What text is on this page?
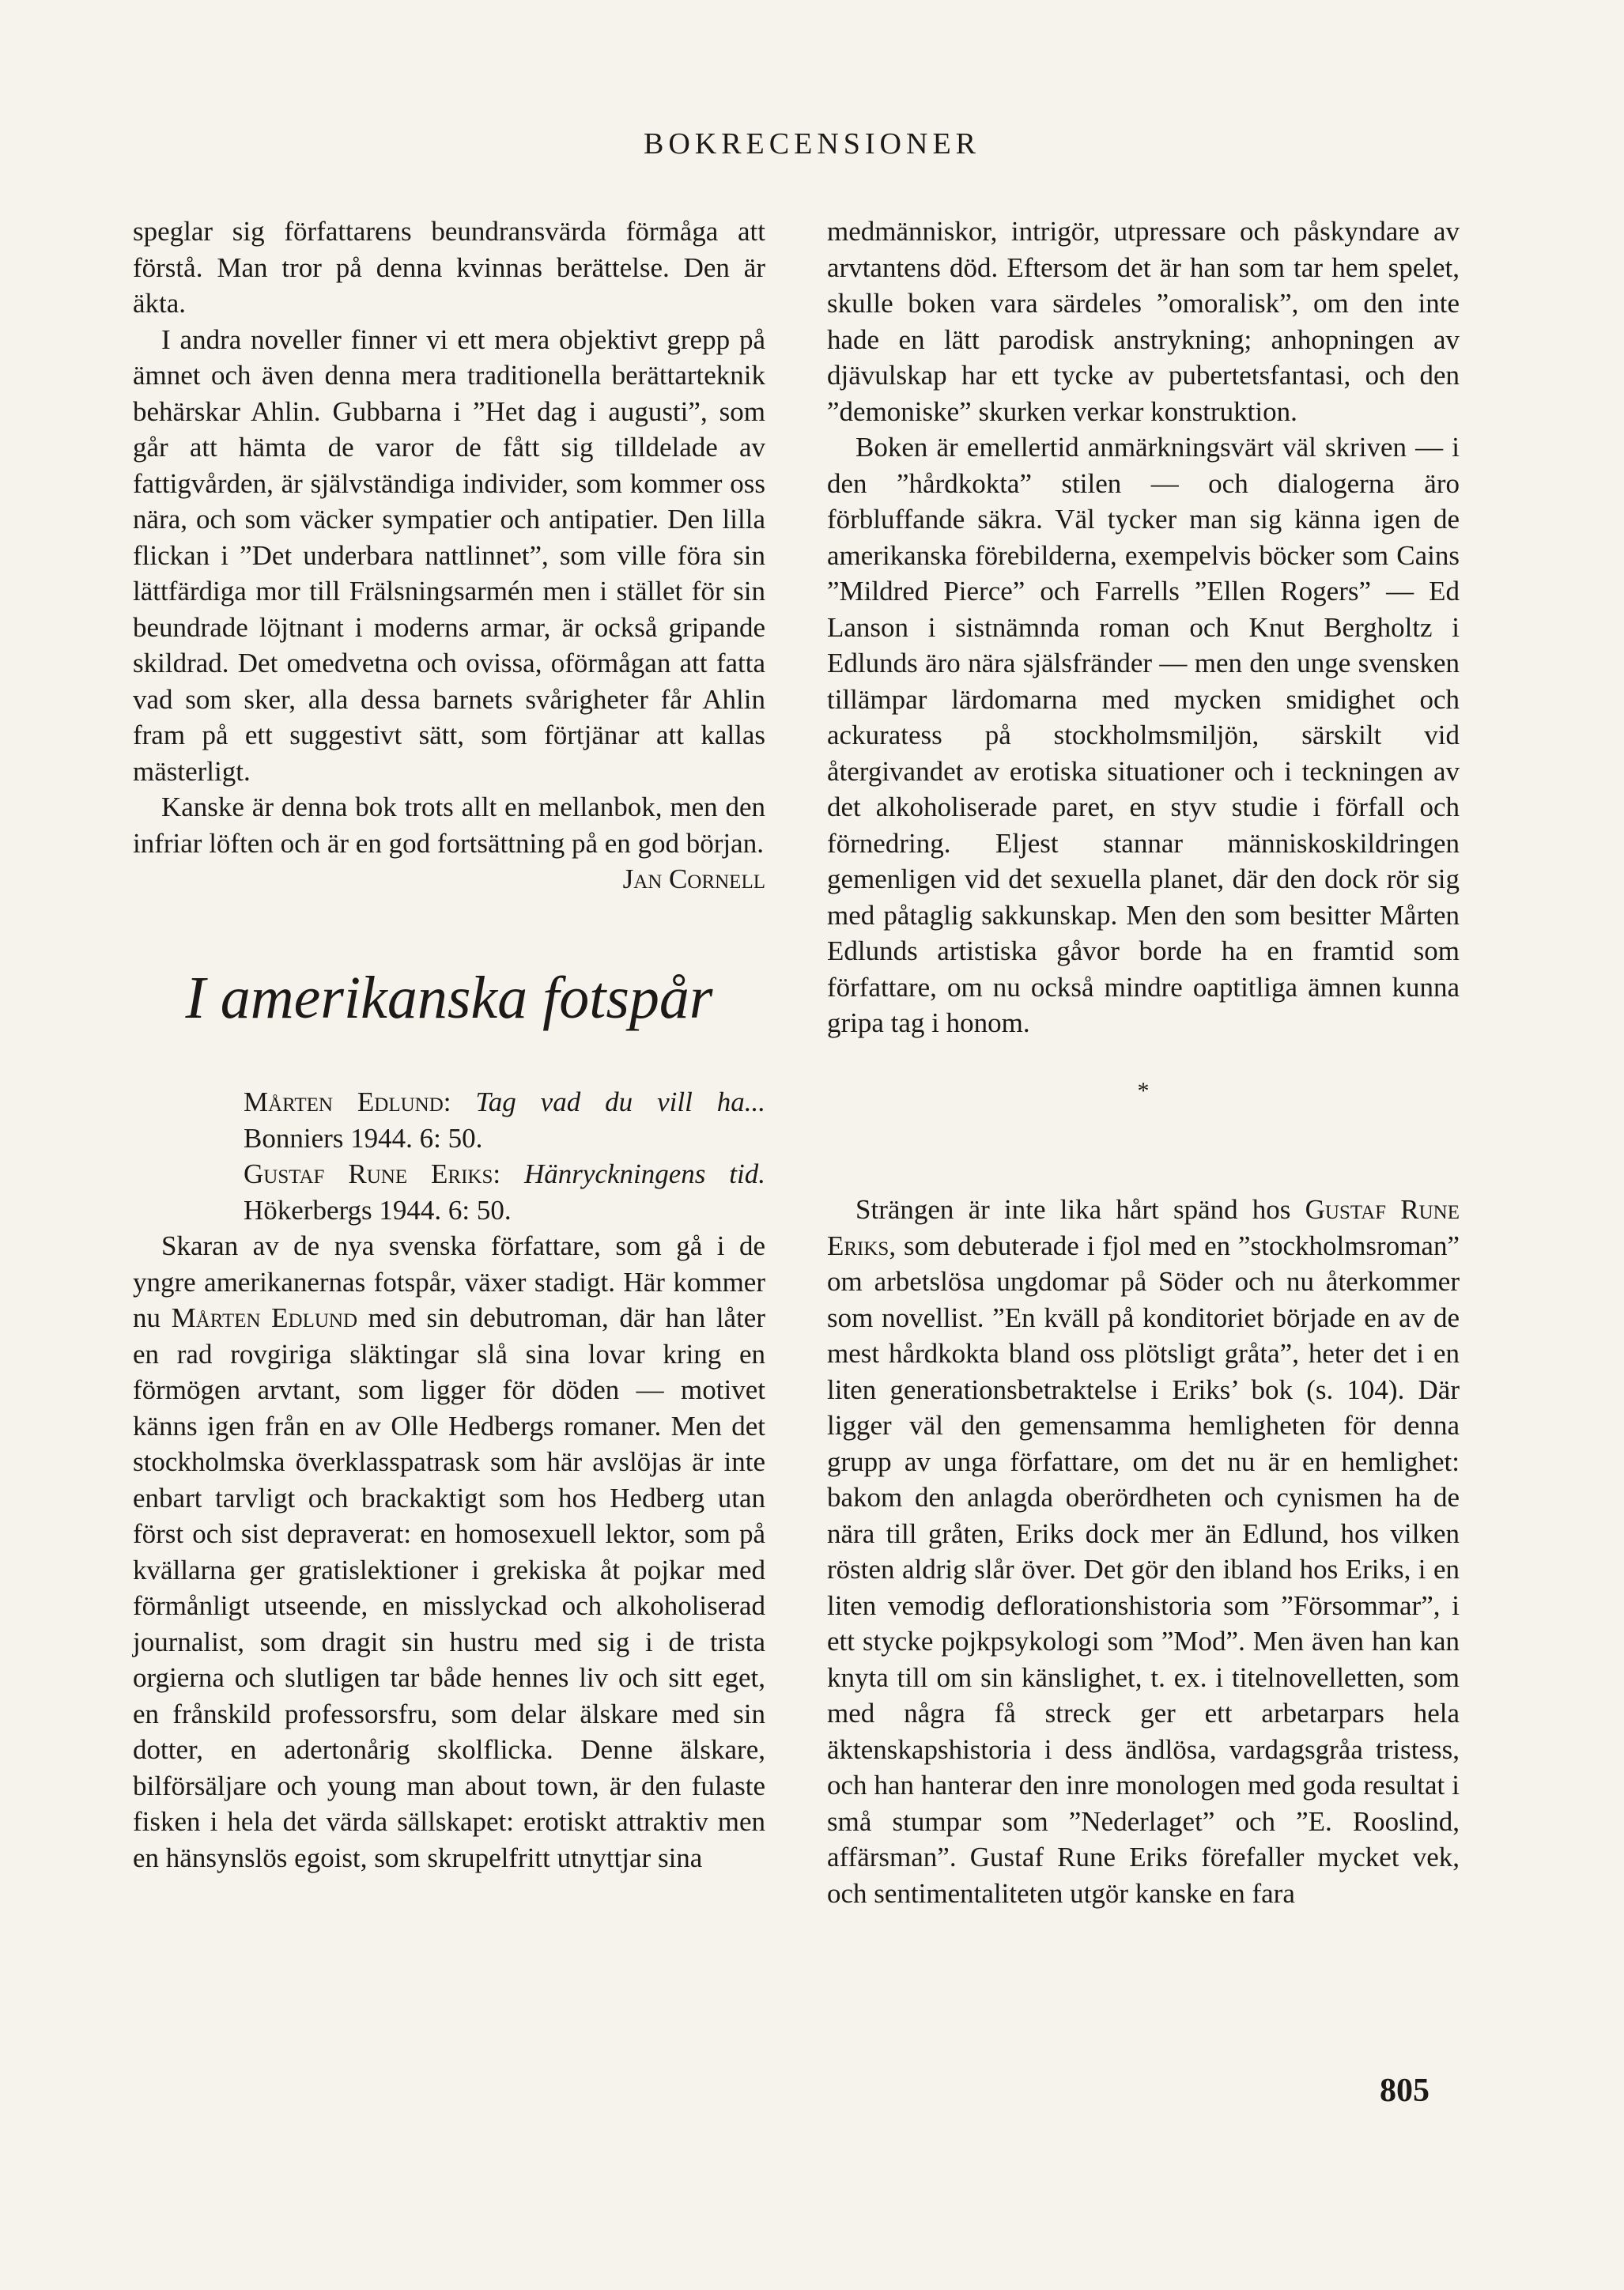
BOKRECENSIONER

speglar sig författarens beundransvärda förmåga att förstå. Man tror på denna kvinnas berättelse. Den är äkta.

I andra noveller finner vi ett mera objektivt grepp på ämnet och även denna mera traditionella berättarteknik behärskar Ahlin. Gubbarna i ”Het dag i augusti”, som går att hämta de varor de fått sig tilldelade av fattigvården, är självständiga individer, som kommer oss nära, och som väcker sympatier och antipatier. Den lilla flickan i ”Det underbara nattlinnet”, som ville föra sin lättfärdiga mor till Frälsningsarmén men i stället för sin beundrade löjtnant i moderns armar, är också gripande skildrad. Det omedvetna och ovissa, oförmågan att fatta vad som sker, alla dessa barnets svårigheter får Ahlin fram på ett suggestivt sätt, som förtjänar att kallas mästerligt.

Kanske är denna bok trots allt en mellanbok, men den infriar löften och är en god fortsättning på en god början.
Jan Cornell

I amerikanska fotspår

Mårten Edlund: Tag vad du vill ha... Bonniers 1944. 6: 50.

Gustaf Rune Eriks: Hänryckningens tid. Hökerbergs 1944. 6: 50.

Skaran av de nya svenska författare, som gå i de yngre amerikanernas fotspår, växer stadigt. Här kommer nu Mårten Edlund med sin debutroman, där han låter en rad rovgiriga släktingar slå sina lovar kring en förmögen arvtant, som ligger för döden — motivet känns igen från en av Olle Hedbergs romaner. Men det stockholmska överklasspatrask som här avslöjas är inte enbart tarvligt och brackaktigt som hos Hedberg utan först och sist depraverat: en homosexuell lektor, som på kvällarna ger gratislektioner i grekiska åt pojkar med förmånligt utseende, en misslyckad och alkoholiserad journalist, som dragit sin hustru med sig i de trista orgierna och slutligen tar både hennes liv och sitt eget, en frånskild professorsfru, som delar älskare med sin dotter, en adertonårig skolflicka. Denne älskare, bilförsäljare och young man about town, är den fulaste fisken i hela det värda sällskapet: erotiskt attraktiv men en hänsynslös egoist, som skrupelfritt utnyttjar sina

medmänniskor, intrigör, utpressare och påskyndare av arvtantens död. Eftersom det är han som tar hem spelet, skulle boken vara särdeles ”omoralisk”, om den inte hade en lätt parodisk anstrykning; anhopningen av djävulskap har ett tycke av pubertetsfantasi, och den ”demoniske” skurken verkar konstruktion.

Boken är emellertid anmärkningsvärt väl skriven — i den ”hårdkokta” stilen — och dialogerna äro förbluffande säkra. Väl tycker man sig känna igen de amerikanska förebilderna, exempelvis böcker som Cains ”Mildred Pierce” och Farrells ”Ellen Rogers” — Ed Lanson i sistnämnda roman och Knut Bergholtz i Edlunds äro nära själsfränder — men den unge svensken tillämpar lärdomarna med mycken smidighet och ackuratess på stockholmsmiljön, särskilt vid återgivandet av erotiska situationer och i teckningen av det alkoholiserade paret, en styv studie i förfall och förnedring. Eljest stannar människoskildringen gemenligen vid det sexuella planet, där den dock rör sig med påtaglig sakkunskap. Men den som besitter Mårten Edlunds artistiska gåvor borde ha en framtid som författare, om nu också mindre oaptitliga ämnen kunna gripa tag i honom.

*

Strängen är inte lika hårt spänd hos Gustaf Rune Eriks, som debuterade i fjol med en ”stockholmsroman” om arbetslösa ungdomar på Söder och nu återkommer som novellist. ”En kväll på konditoriet började en av de mest hårdkokta bland oss plötsligt gråta”, heter det i en liten generationsbetraktelse i Eriks’ bok (s. 104). Där ligger väl den gemensamma hemligheten för denna grupp av unga författare, om det nu är en hemlighet: bakom den anlagda oberördheten och cynismen ha de nära till gråten, Eriks dock mer än Edlund, hos vilken rösten aldrig slår över. Det gör den ibland hos Eriks, i en liten vemodig deflorationshistoria som ”Försommar”, i ett stycke pojkpsykologi som ”Mod”. Men även han kan knyta till om sin känslighet, t. ex. i titelnovelletten, som med några få streck ger ett arbetarpars hela äktenskapshistoria i dess ändlösa, vardagsgråa tristess, och han hanterar den inre monologen med goda resultat i små stumpar som ”Nederlaget” och ”E. Rooslind, affärsman”. Gustaf Rune Eriks förefaller mycket vek, och sentimentaliteten utgör kanske en fara

805
